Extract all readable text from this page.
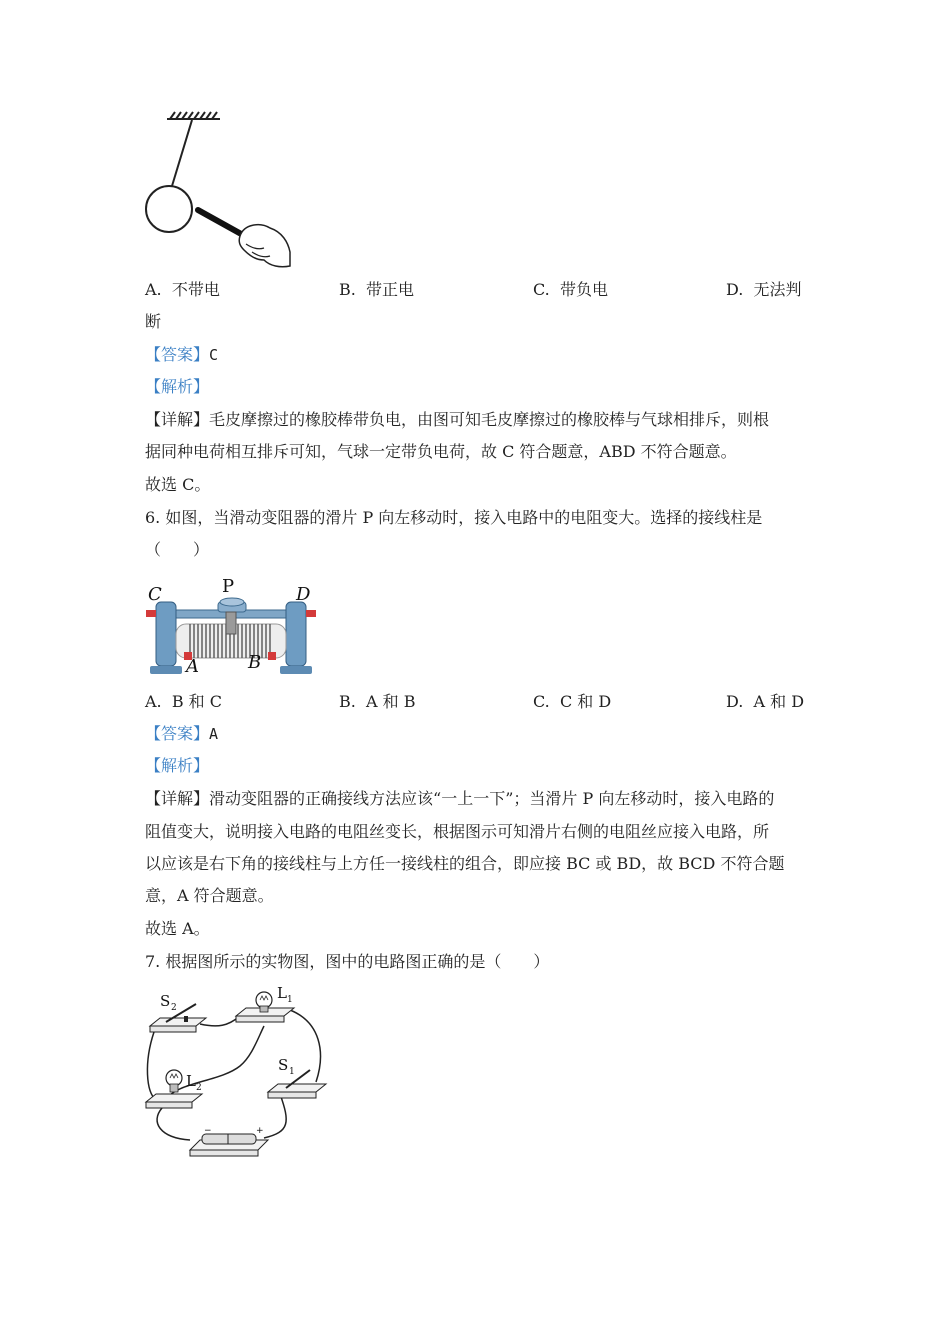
A. 不带电	B. 带正电	C. 带负电	D. 无法判
断
【答案】C
【解析】
【详解】毛皮摩擦过的橡胶棒带负电，由图可知毛皮摩擦过的橡胶棒与气球相排斥，则根
据同种电荷相互排斥可知，气球一定带负电荷，故 C 符合题意，ABD 不符合题意。
故选 C。
6. 如图，当滑动变阻器的滑片 P 向左移动时，接入电路中的电阻变大。选择的接线柱是
（　　）
C	P	D
A	B
A. B 和 C	B. A 和 B	C. C 和 D	D. A 和 D
【答案】A
【解析】
【详解】滑动变阻器的正确接线方法应该“一上一下”；当滑片 P 向左移动时，接入电路的
阻值变大，说明接入电路的电阻丝变长，根据图示可知滑片右侧的电阻丝应接入电路，所
以应该是右下角的接线柱与上方任一接线柱的组合，即应接 BC 或 BD，故 BCD 不符合题
意，A 符合题意。
故选 A。
7. 根据图所示的实物图，图中的电路图正确的是（　　）
−	+
S 2
L 1
S 1
L 2
